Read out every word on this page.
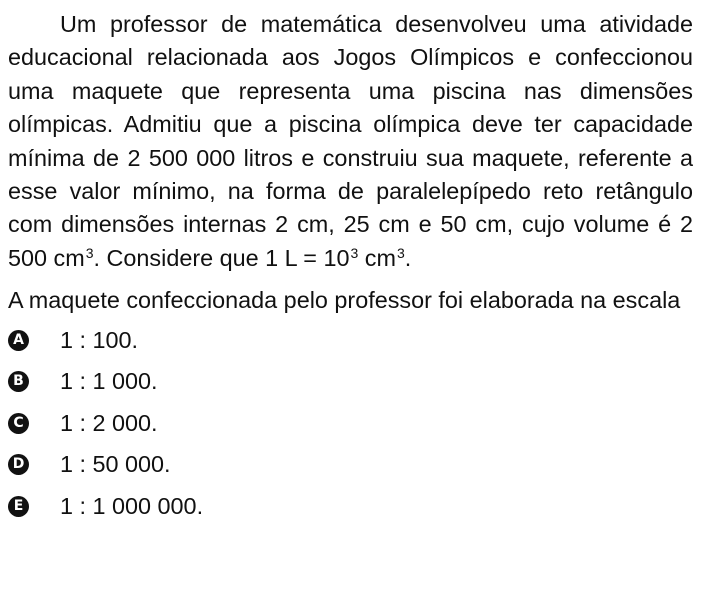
Um professor de matemática desenvolveu uma atividade educacional relacionada aos Jogos Olímpicos e confeccionou uma maquete que representa uma piscina nas dimensões olímpicas. Admitiu que a piscina olímpica deve ter capacidade mínima de 2 500 000 litros e construiu sua maquete, referente a esse valor mínimo, na forma de paralelepípedo reto retângulo com dimensões internas 2 cm, 25 cm e 50 cm, cujo volume é 2 500 $cm^3$. Considere que 1 $L = 10^3$ $cm^3$.

A maquete confeccionada pelo professor foi elaborada na escala

A 1 : 100.
B 1 : 1 000.
C 1 : 2 000.
D 1 : 50 000.
E 1 : 1 000 000.
